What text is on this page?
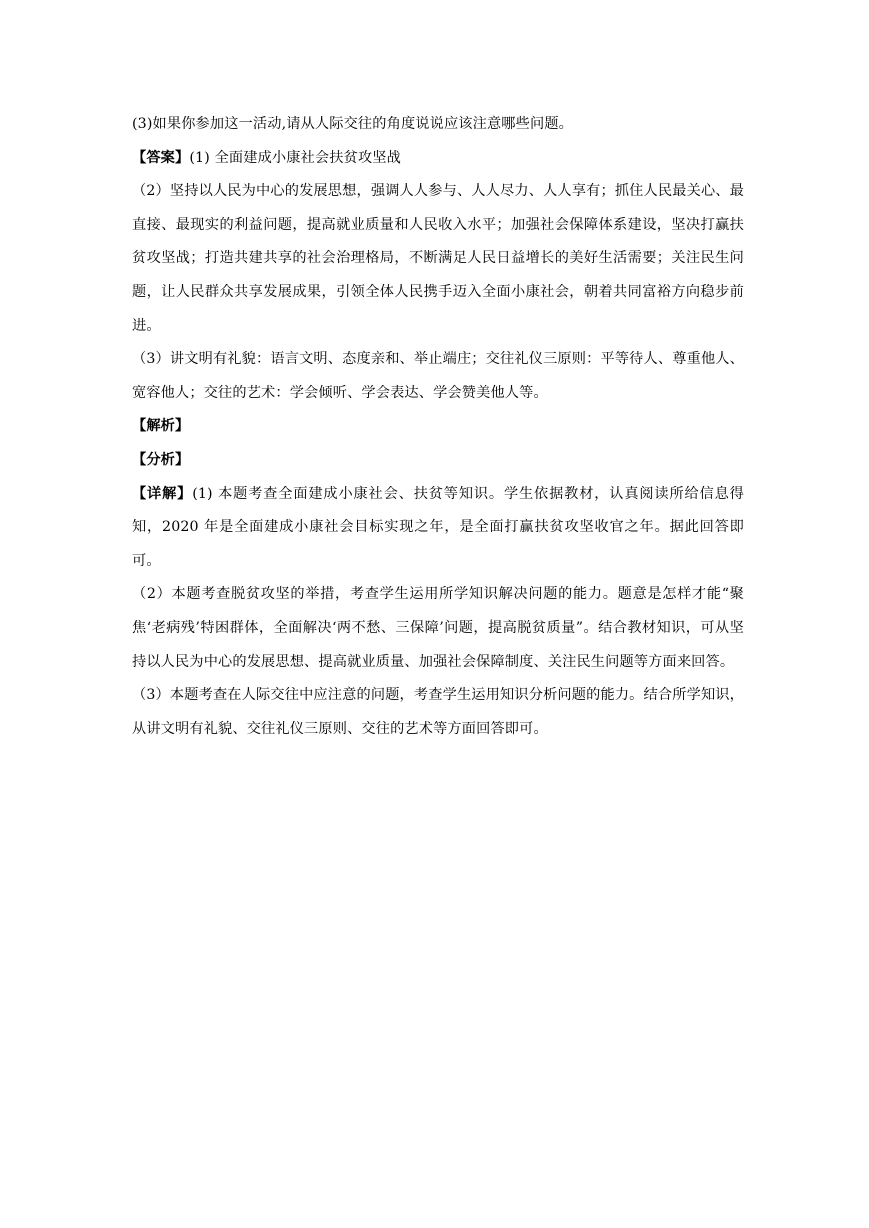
(3)如果你参加这一活动,请从人际交往的角度说说应该注意哪些问题。

【答案】(1) 全面建成小康社会扶贫攻坚战

（2）坚持以人民为中心的发展思想，强调人人参与、人人尽力、人人享有；抓住人民最关心、最直接、最现实的利益问题，提高就业质量和人民收入水平；加强社会保障体系建设，坚决打赢扶贫攻坚战；打造共建共享的社会治理格局，不断满足人民日益增长的美好生活需要；关注民生问题，让人民群众共享发展成果，引领全体人民携手迈入全面小康社会，朝着共同富裕方向稳步前进。

（3）讲文明有礼貌：语言文明、态度亲和、举止端庄；交往礼仪三原则：平等待人、尊重他人、宽容他人；交往的艺术：学会倾听、学会表达、学会赞美他人等。

【解析】

【分析】

【详解】(1) 本题考查全面建成小康社会、扶贫等知识。学生依据教材，认真阅读所给信息得知，2020 年是全面建成小康社会目标实现之年，是全面打赢扶贫攻坚收官之年。据此回答即可。

（2）本题考查脱贫攻坚的举措，考查学生运用所学知识解决问题的能力。题意是怎样才能“聚焦‘老病残’特困群体，全面解决‘两不愁、三保障’问题，提高脱贫质量”。结合教材知识，可从坚持以人民为中心的发展思想、提高就业质量、加强社会保障制度、关注民生问题等方面来回答。

（3）本题考查在人际交往中应注意的问题，考查学生运用知识分析问题的能力。结合所学知识，从讲文明有礼貌、交往礼仪三原则、交往的艺术等方面回答即可。
